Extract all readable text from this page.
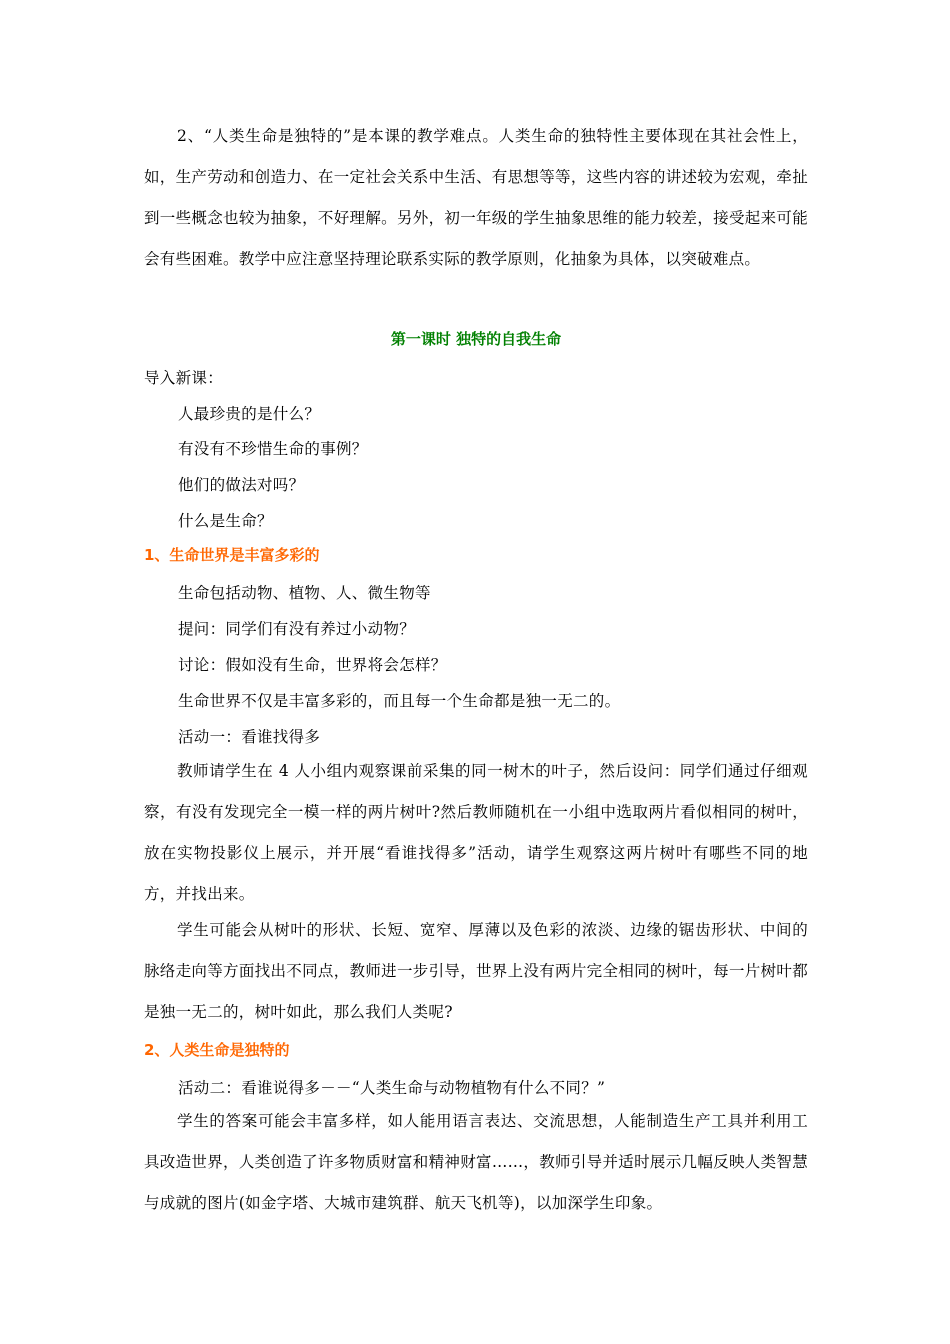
2、“人类生命是独特的”是本课的教学难点。人类生命的独特性主要体现在其社会性上，如，生产劳动和创造力、在一定社会关系中生活、有思想等等，这些内容的讲述较为宏观，牵扯到一些概念也较为抽象，不好理解。另外，初一年级的学生抽象思维的能力较差，接受起来可能会有些困难。教学中应注意坚持理论联系实际的教学原则，化抽象为具体，以突破难点。
第一课时 独特的自我生命
导入新课：
人最珍贵的是什么？
有没有不珍惜生命的事例？
他们的做法对吗？
什么是生命？
1、生命世界是丰富多彩的
生命包括动物、植物、人、微生物等
提问：同学们有没有养过小动物？
讨论：假如没有生命，世界将会怎样？
生命世界不仅是丰富多彩的，而且每一个生命都是独一无二的。
活动一：看谁找得多
教师请学生在 4 人小组内观察课前采集的同一树木的叶子，然后设问：同学们通过仔细观察，有没有发现完全一模一样的两片树叶?然后教师随机在一小组中选取两片看似相同的树叶，放在实物投影仪上展示，并开展“看谁找得多”活动，请学生观察这两片树叶有哪些不同的地方，并找出来。
学生可能会从树叶的形状、长短、宽窄、厚薄以及色彩的浓淡、边缘的锯齿形状、中间的脉络走向等方面找出不同点，教师进一步引导，世界上没有两片完全相同的树叶，每一片树叶都是独一无二的，树叶如此，那么我们人类呢?
2、人类生命是独特的
活动二：看谁说得多－－“人类生命与动物植物有什么不同？”
学生的答案可能会丰富多样，如人能用语言表达、交流思想，人能制造生产工具并利用工具改造世界，人类创造了许多物质财富和精神财富……，教师引导并适时展示几幅反映人类智慧与成就的图片(如金字塔、大城市建筑群、航天飞机等)，以加深学生印象。
